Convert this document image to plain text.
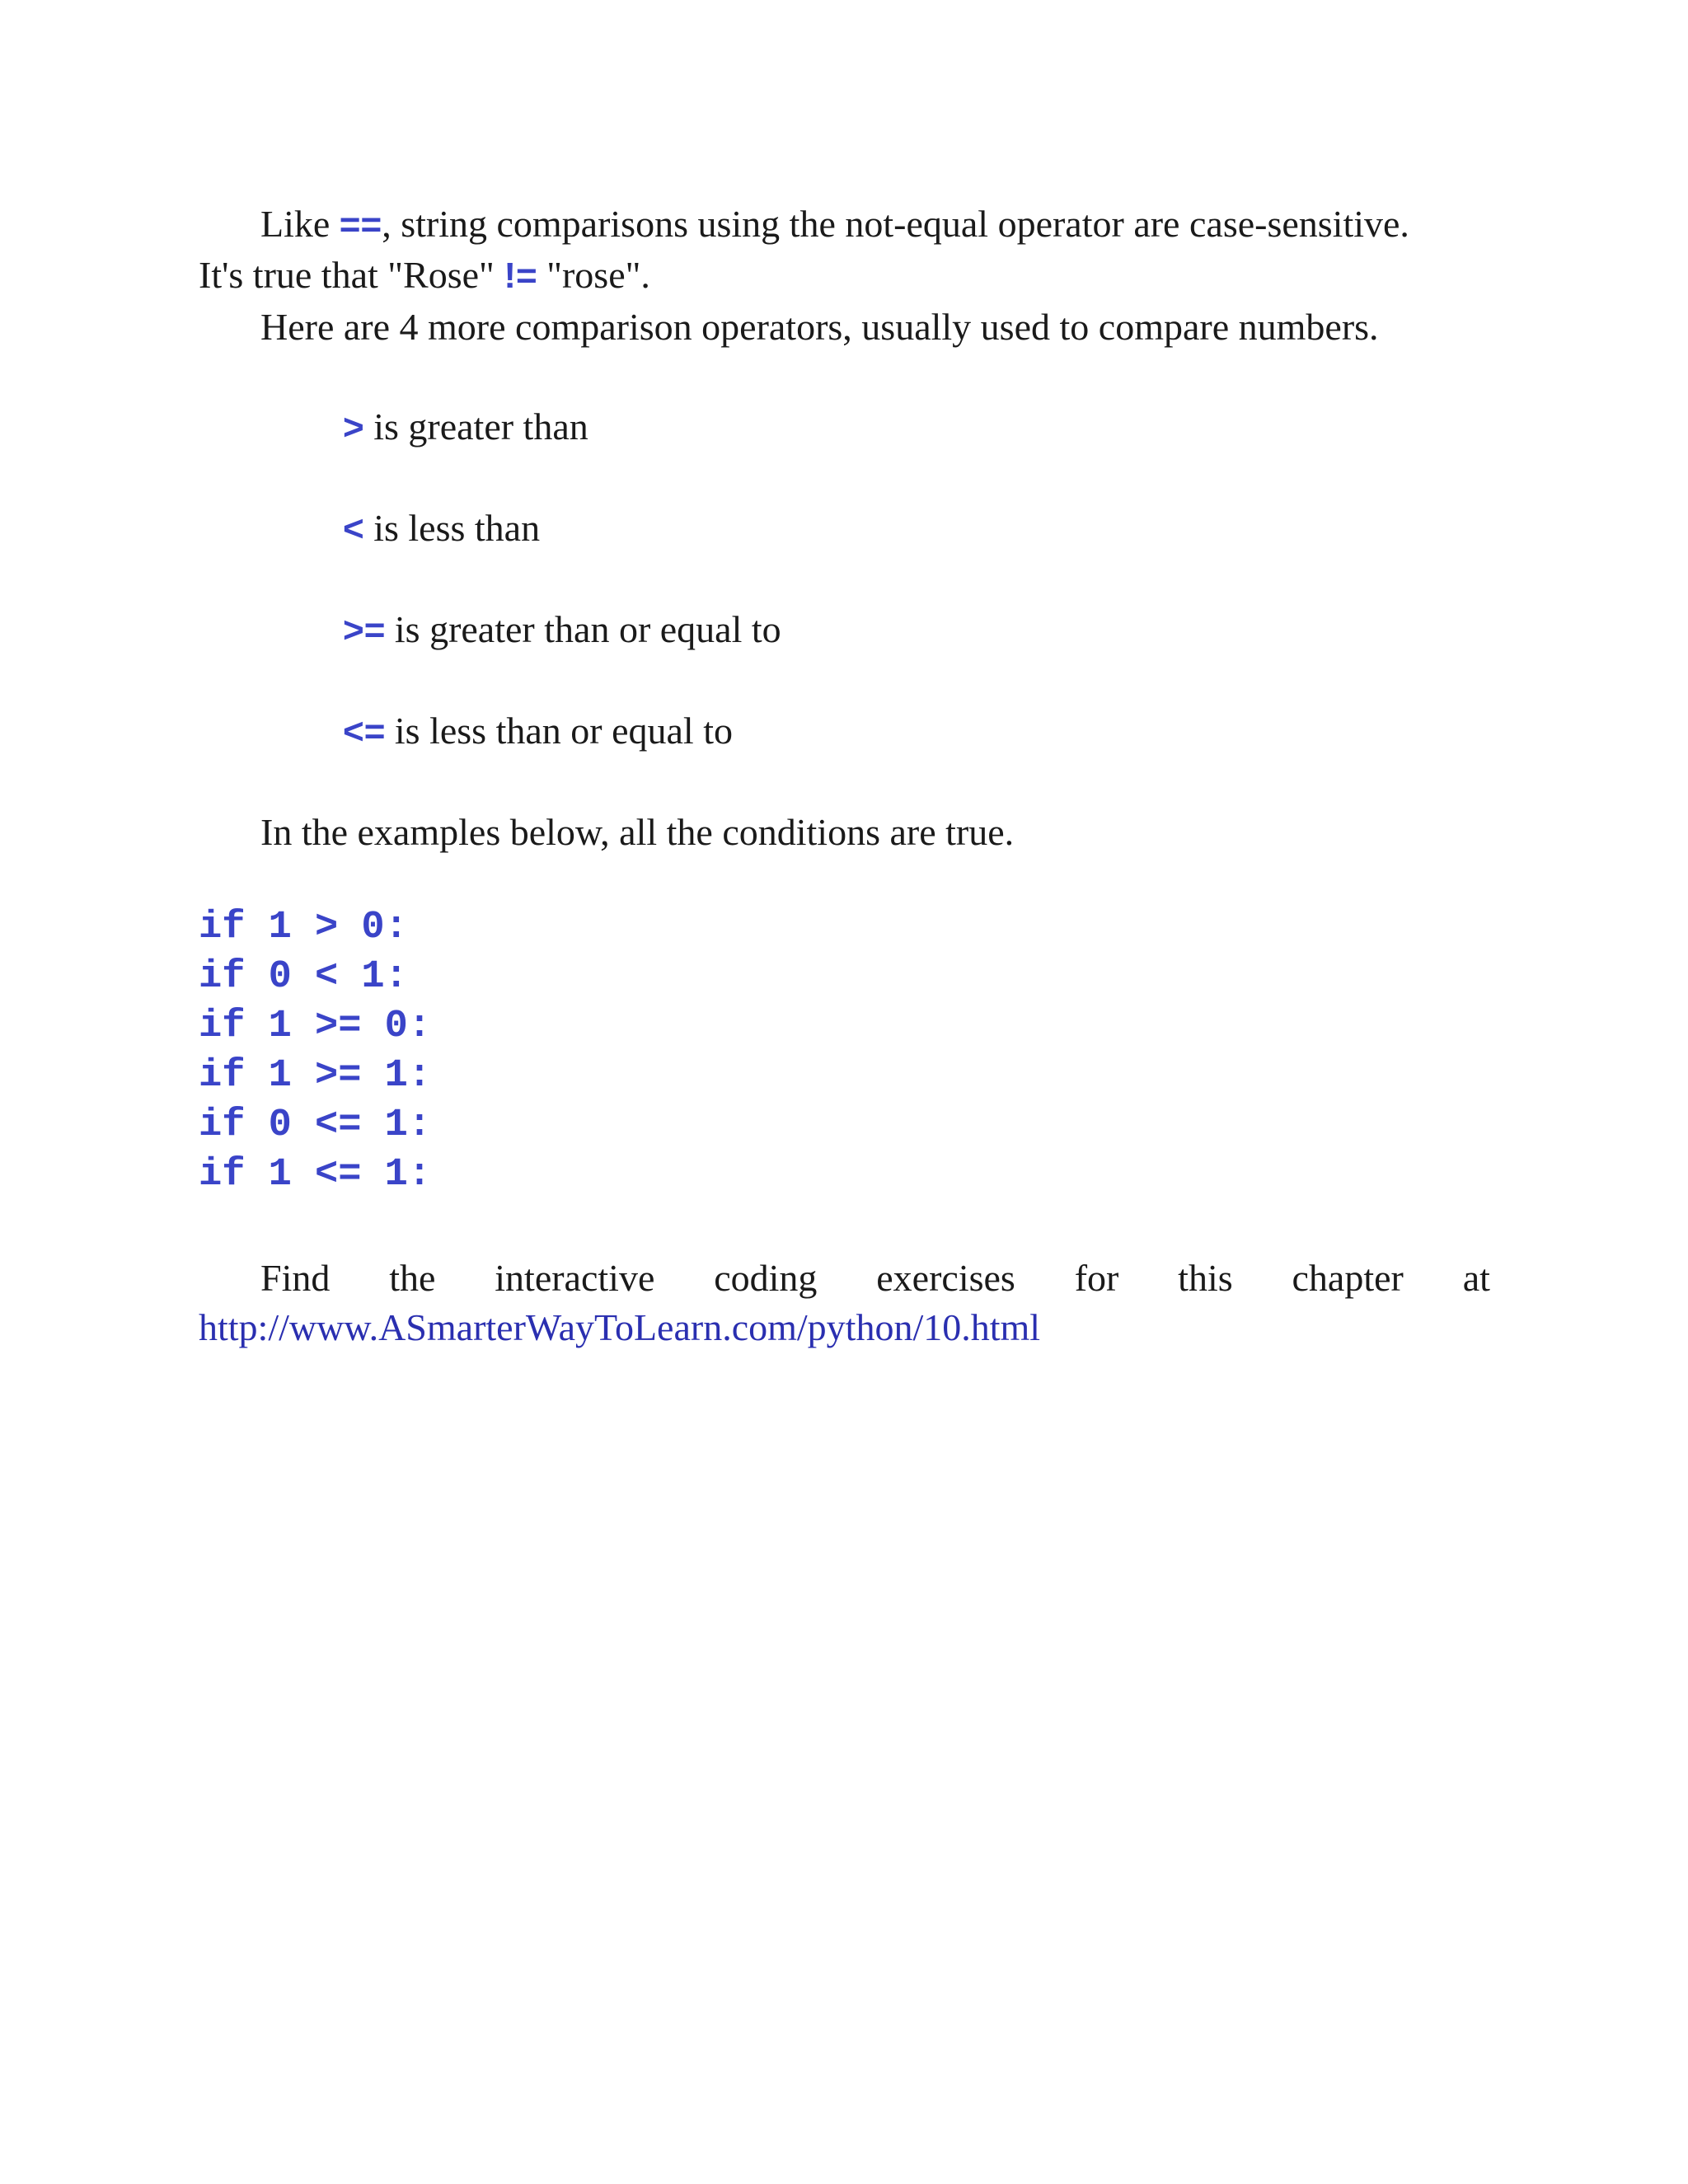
Like ==, string comparisons using the not-equal operator are case-sensitive.
It's true that "Rose" != "rose".
Here are 4 more comparison operators, usually used to compare numbers.
> is greater than
< is less than
>= is greater than or equal to
<= is less than or equal to
In the examples below, all the conditions are true.
if 1 > 0:
if 0 < 1:
if 1 >= 0:
if 1 >= 1:
if 0 <= 1:
if 1 <= 1:
Find the interactive coding exercises for this chapter at
http://www.ASmarterWayToLearn.com/python/10.html
